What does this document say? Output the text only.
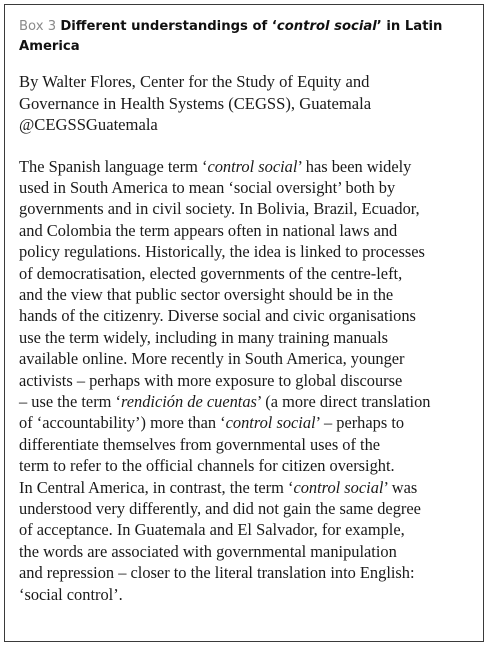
Box 3 Different understandings of ‘control social’ in Latin
America
By Walter Flores, Center for the Study of Equity and
Governance in Health Systems (CEGSS), Guatemala
@CEGSSGuatemala
The Spanish language term ‘control social’ has been widely
used in South America to mean ‘social oversight’ both by
governments and in civil society. In Bolivia, Brazil, Ecuador,
and Colombia the term appears often in national laws and
policy regulations. Historically, the idea is linked to processes
of democratisation, elected governments of the centre-left,
and the view that public sector oversight should be in the
hands of the citizenry. Diverse social and civic organisations
use the term widely, including in many training manuals
available online. More recently in South America, younger
activists – perhaps with more exposure to global discourse
– use the term ‘rendición de cuentas’ (a more direct translation
of ‘accountability’) more than ‘control social’ – perhaps to
differentiate themselves from governmental uses of the
term to refer to the official channels for citizen oversight.
In Central America, in contrast, the term ‘control social’ was
understood very differently, and did not gain the same degree
of acceptance. In Guatemala and El Salvador, for example,
the words are associated with governmental manipulation
and repression – closer to the literal translation into English:
‘social control’.
